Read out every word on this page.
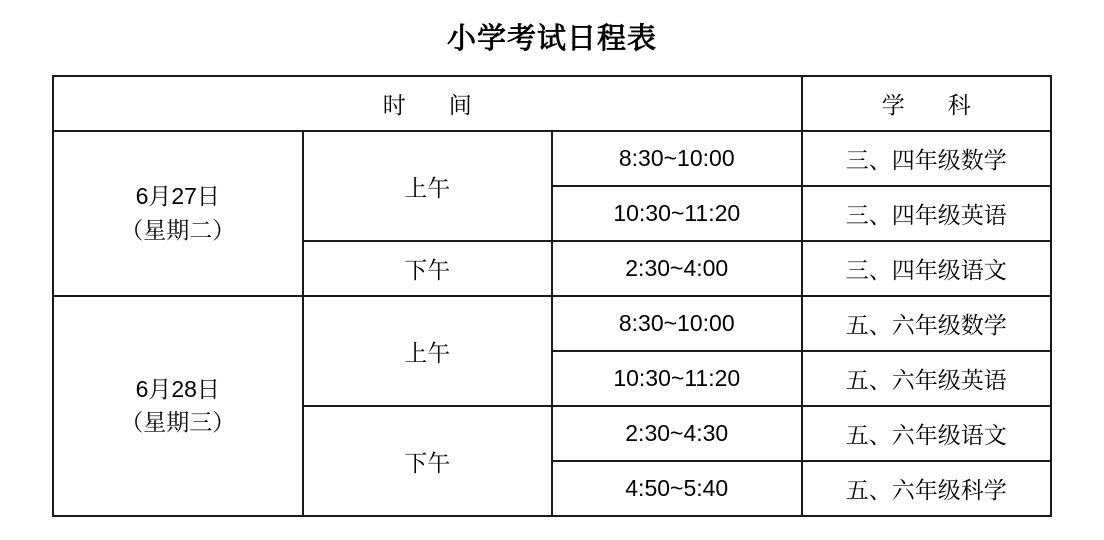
小学考试日程表
时　间			学　科

6月27日
（星期二）	上午	8:30~10:00	三、四年级数学
		10:30~11:20	三、四年级英语
	下午	2:30~4:00	三、四年级语文

6月28日
（星期三）	上午	8:30~10:00	五、六年级数学
		10:30~11:20	五、六年级英语
	下午	2:30~4:30	五、六年级语文
		4:50~5:40	五、六年级科学
